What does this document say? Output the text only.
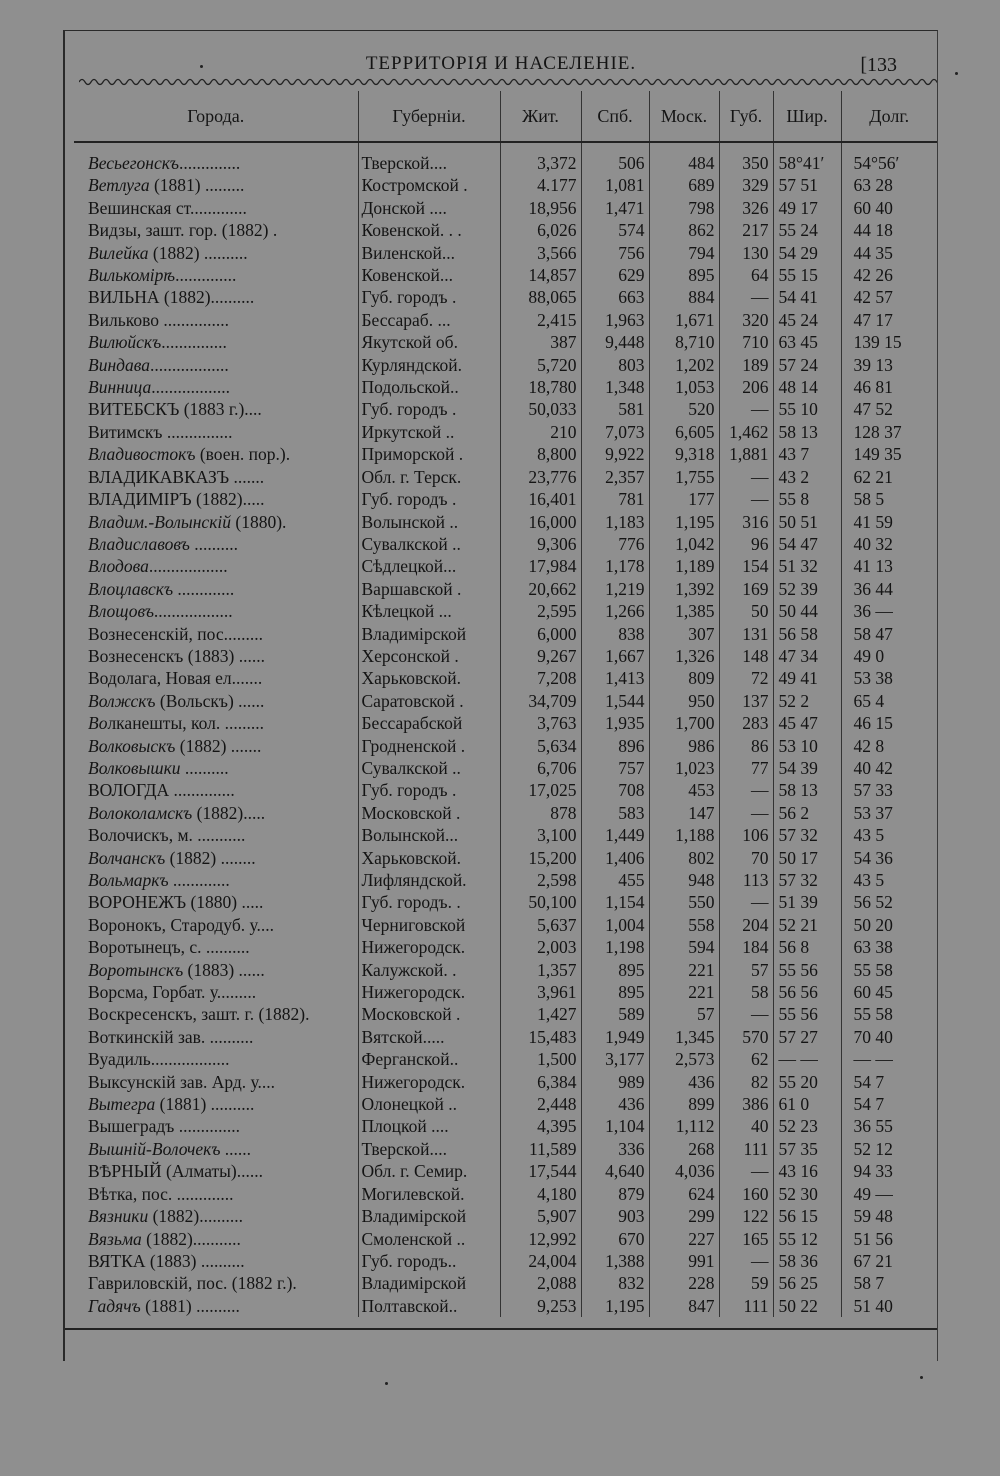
ТЕРРИТОРІЯ И НАСЕЛЕНІЕ.	[133
Города.	Губерніи.	Жит.	Спб.	Моск.	Губ.	Шир.	Долг.

Весьегонскъ..............	Тверской....	3,372	506	484	350	58°41′	54°56′
Ветлуга (1881) .........	Костромской .	4.177	1,081	689	329	57 51	63 28
Вешинская ст.............	Донской ....	18,956	1,471	798	326	49 17	60 40
Видзы, зашт. гор. (1882) .	Ковенской. . .	6,026	574	862	217	55 24	44 18
Вилейка (1882) ..........	Виленской...	3,566	756	794	130	54 29	44 35
Вилькомірѣ..............	Ковенской...	14,857	629	895	64	55 15	42 26
ВИЛЬНА (1882)..........	Губ. городъ .	88,065	663	884	—	54 41	42 57
Вильково ...............	Бессараб. ...	2,415	1,963	1,671	320	45 24	47 17
Вилюйскъ...............	Якутской об.	387	9,448	8,710	710	63 45	139 15
Виндава..................	Курляндской.	5,720	803	1,202	189	57 24	39 13
Винница..................	Подольской..	18,780	1,348	1,053	206	48 14	46 81
ВИТЕБСКЪ (1883 г.)....	Губ. городъ .	50,033	581	520	—	55 10	47 52
Витимскъ ...............	Иркутской ..	210	7,073	6,605	1,462	58 13	128 37
Владивостокъ (воен. пор.).	Приморской .	8,800	9,922	9,318	1,881	43 7	149 35
ВЛАДИКАВКАЗЪ .......	Обл. г. Терск.	23,776	2,357	1,755	—	43 2	62 21
ВЛАДИМІРЪ (1882).....	Губ. городъ .	16,401	781	177	—	55 8	58 5
Владим.-Волынскій (1880).	Волынской ..	16,000	1,183	1,195	316	50 51	41 59
Владиславовъ ..........	Сувалкской ..	9,306	776	1,042	96	54 47	40 32
Влодова..................	Сѣдлецкой...	17,984	1,178	1,189	154	51 32	41 13
Влоцлавскъ .............	Варшавской .	20,662	1,219	1,392	169	52 39	36 44
Влощовъ..................	Кѣлецкой ...	2,595	1,266	1,385	50	50 44	36 —
Вознесенскій, пос.........	Владимірской	6,000	838	307	131	56 58	58 47
Вознесенскъ (1883) ......	Херсонской .	9,267	1,667	1,326	148	47 34	49 0
Водолага, Новая ел.......	Харьковской.	7,208	1,413	809	72	49 41	53 38
Волжскъ (Вольскъ) ......	Саратовской .	34,709	1,544	950	137	52 2	65 4
Волканешты, кол. .........	Бессарабской	3,763	1,935	1,700	283	45 47	46 15
Волковыскъ (1882) .......	Гродненской .	5,634	896	986	86	53 10	42 8
Волковышки ..........	Сувалкской ..	6,706	757	1,023	77	54 39	40 42
ВОЛОГДА ..............	Губ. городъ .	17,025	708	453	—	58 13	57 33
Волоколамскъ (1882).....	Московской .	878	583	147	—	56 2	53 37
Волочискъ, м. ...........	Волынской...	3,100	1,449	1,188	106	57 32	43 5
Волчанскъ (1882) ........	Харьковской.	15,200	1,406	802	70	50 17	54 36
Вольмаркъ .............	Лифляндской.	2,598	455	948	113	57 32	43 5
ВОРОНЕЖЪ (1880) .....	Губ. городъ. .	50,100	1,154	550	—	51 39	56 52
Воронокъ, Стародуб. у....	Черниговской	5,637	1,004	558	204	52 21	50 20
Воротынецъ, с. ..........	Нижегородск.	2,003	1,198	594	184	56 8	63 38
Воротынскъ (1883) ......	Калужской. .	1,357	895	221	57	55 56	55 58
Ворсма, Горбат. у.........	Нижегородск.	3,961	895	221	58	56 56	60 45
Воскресенскъ, зашт. г. (1882).	Московской .	1,427	589	57	—	55 56	55 58
Воткинскій зав. ..........	Вятской.....	15,483	1,949	1,345	570	57 27	70 40
Вуадиль..................	Ферганской..	1,500	3,177	2,573	62	— —	— —
Выксунскій зав. Ард. у....	Нижегородск.	6,384	989	436	82	55 20	54 7
Вытегра (1881) ..........	Олонецкой ..	2,448	436	899	386	61 0	54 7
Вышеградъ ..............	Плоцкой ....	4,395	1,104	1,112	40	52 23	36 55
Вышній-Волочекъ ......	Тверской....	11,589	336	268	111	57 35	52 12
ВѢРНЫЙ (Алматы)......	Обл. г. Семир.	17,544	4,640	4,036	—	43 16	94 33
Вѣтка, пос. .............	Могилевской.	4,180	879	624	160	52 30	49 —
Вязники (1882)..........	Владимірской	5,907	903	299	122	56 15	59 48
Вязьма (1882)...........	Смоленской ..	12,992	670	227	165	55 12	51 56
ВЯТКА (1883) ..........	Губ. городъ..	24,004	1,388	991	—	58 36	67 21
Гавриловскій, пос. (1882 г.).	Владимірской	2,088	832	228	59	56 25	58 7
Гадячъ (1881) ..........	Полтавской..	9,253	1,195	847	111	50 22	51 40
